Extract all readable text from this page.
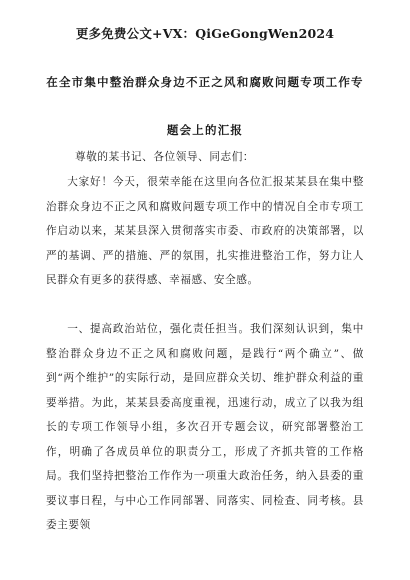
更多免费公文+VX：QiGeGongWen2024
在全市集中整治群众身边不正之风和腐败问题专项工作专
题会上的汇报
尊敬的某书记、各位领导、同志们：

大家好！今天，很荣幸能在这里向各位汇报某某县在集中整治群众身边不正之风和腐败问题专项工作中的情况自全市专项工作启动以来，某某县深入贯彻落实市委、市政府的决策部署，以严的基调、严的措施、严的氛围，扎实推进整治工作，努力让人民群众有更多的获得感、幸福感、安全感。

一、提高政治站位，强化责任担当。我们深刻认识到，集中整治群众身边不正之风和腐败问题，是践行“两个确立”、做到“两个维护”的实际行动，是回应群众关切、维护群众利益的重要举措。为此，某某县委高度重视，迅速行动，成立了以我为组长的专项工作领导小组，多次召开专题会议，研究部署整治工作，明确了各成员单位的职责分工，形成了齐抓共管的工作格局。我们坚持把整治工作作为一项重大政治任务，纳入县委的重要议事日程，与中心工作同部署、同落实、同检查、同考核。县委主要领
